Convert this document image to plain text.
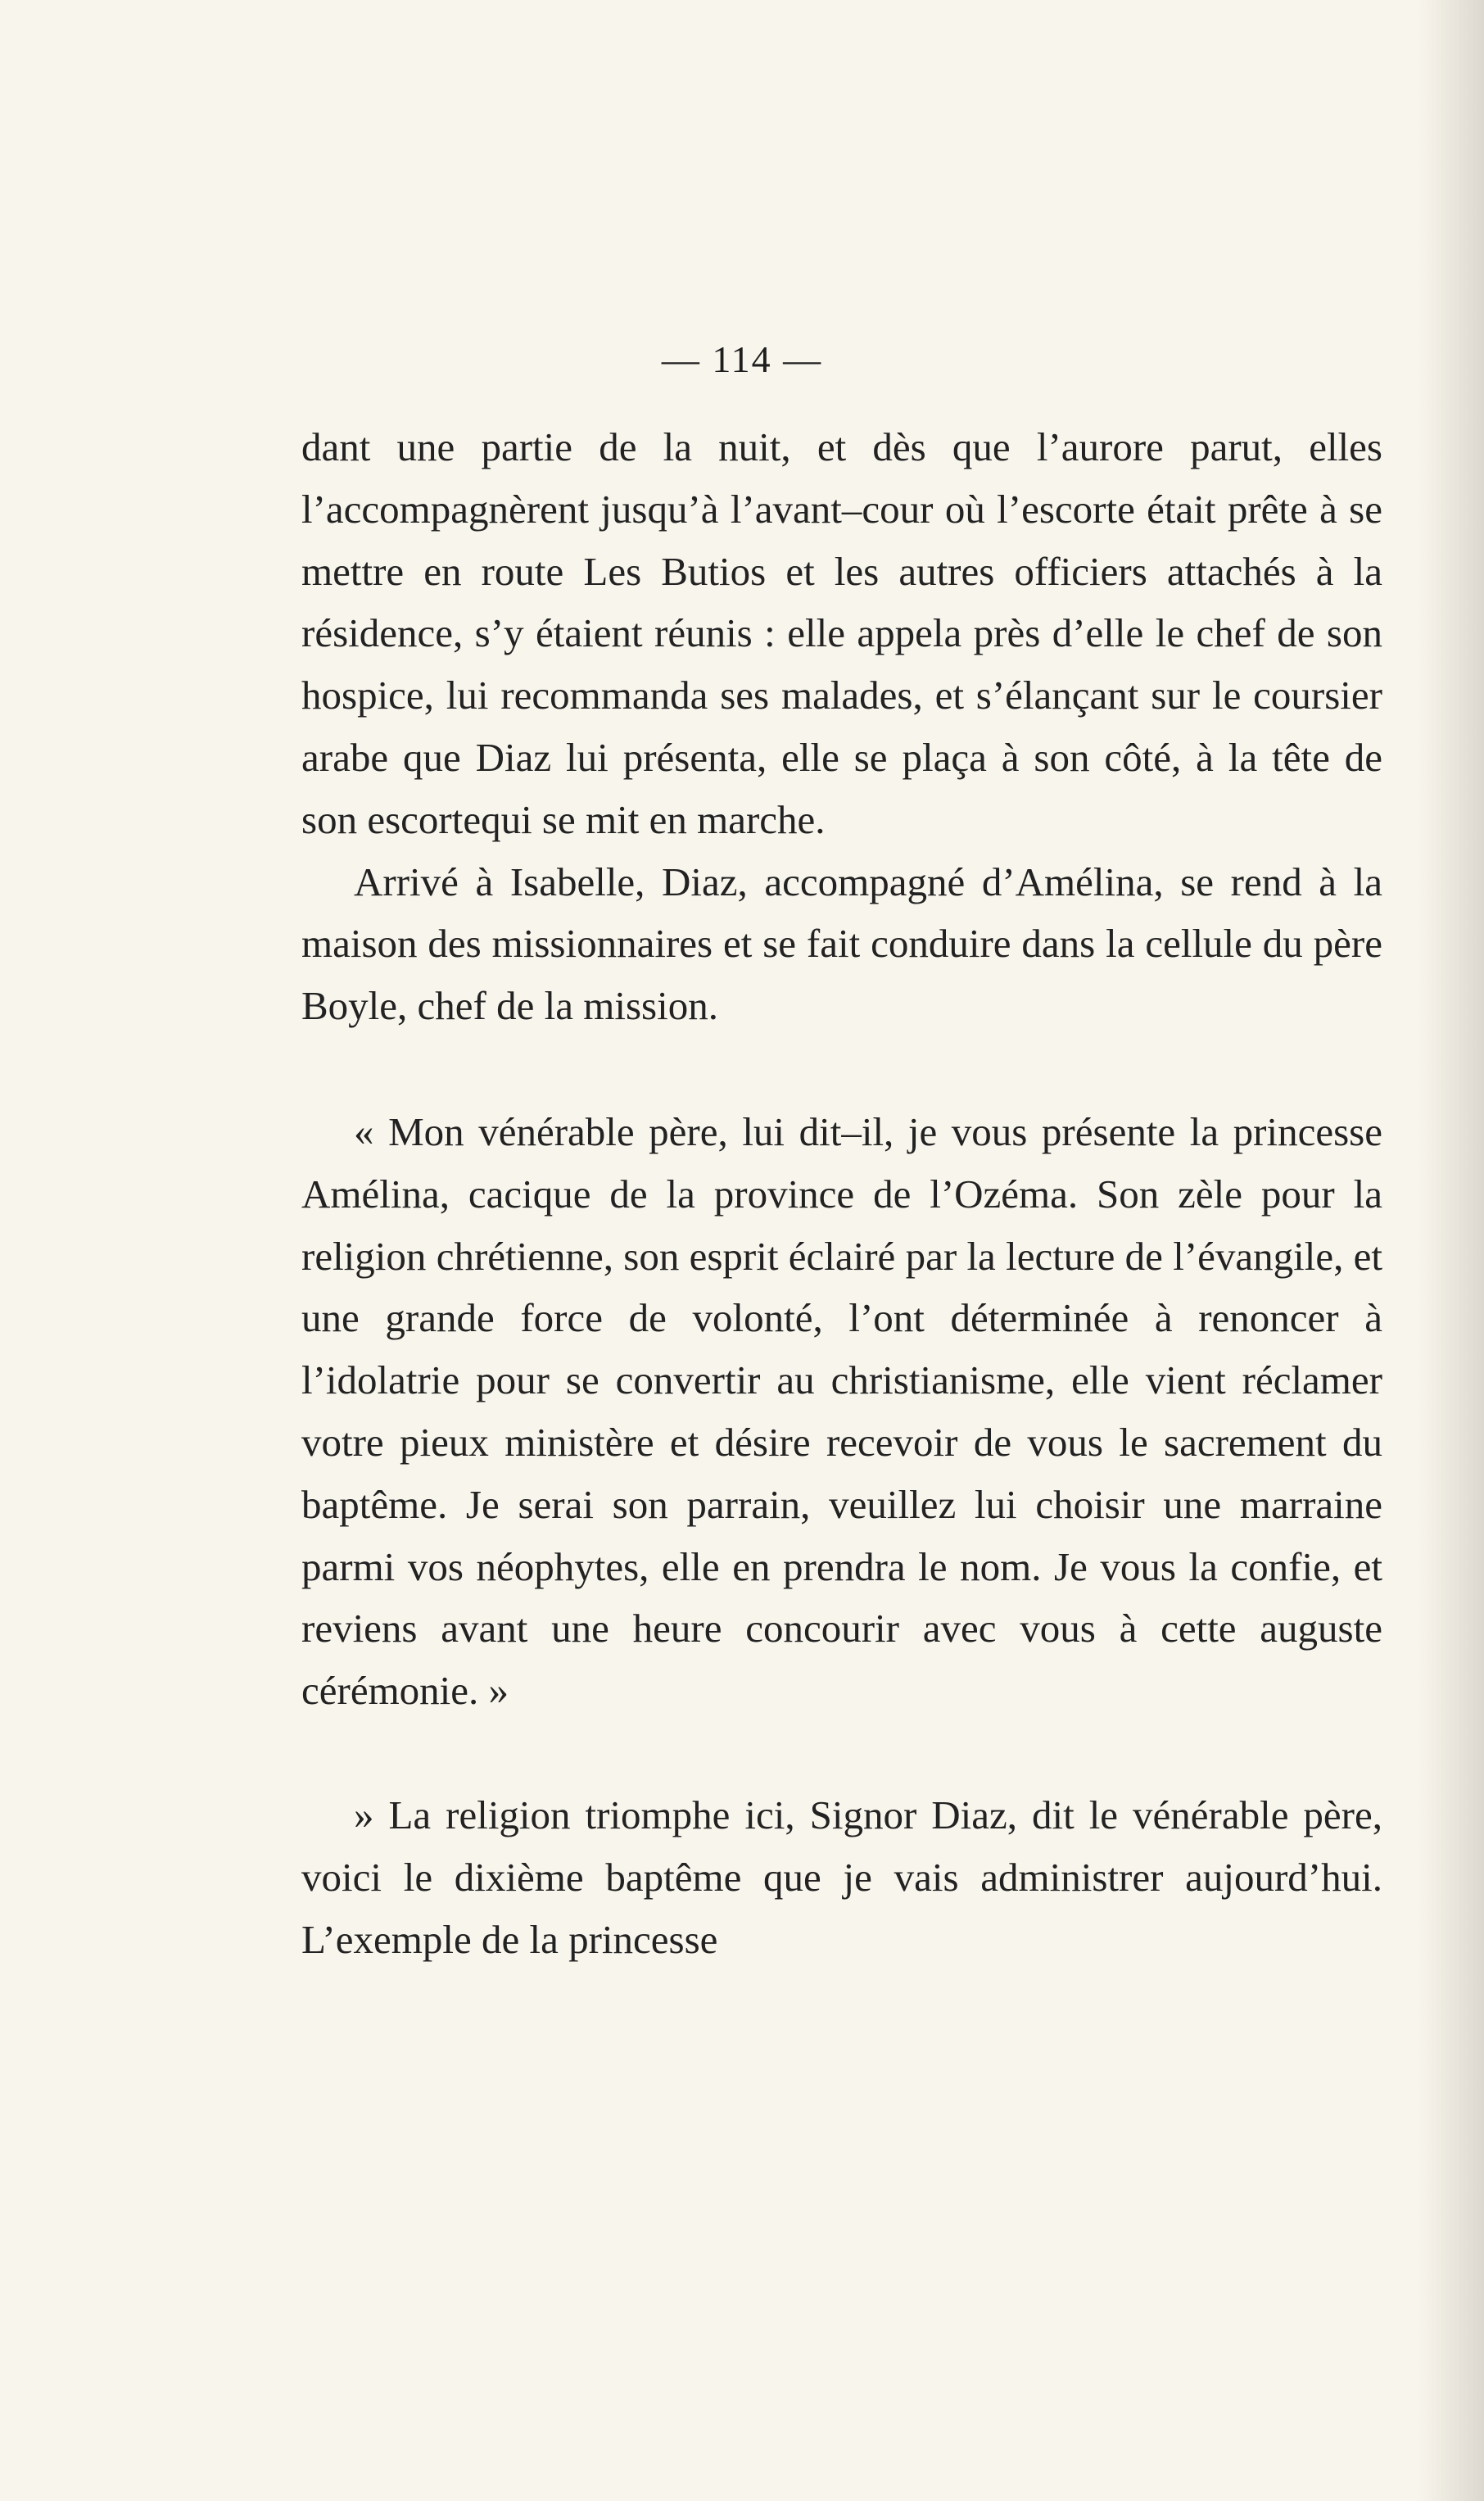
— 114 —

dant une partie de la nuit, et dès que l’aurore parut, elles l’accompagnèrent jusqu’à l’avant–cour où l’escorte était prête à se mettre en route Les Butios et les autres officiers attachés à la résidence, s’y étaient réunis : elle appela près d’elle le chef de son hospice, lui recommanda ses malades, et s’élançant sur le coursier arabe que Diaz lui présenta, elle se plaça à son côté, à la tête de son escortequi se mit en marche.

Arrivé à Isabelle, Diaz, accompagné d’Amélina, se rend à la maison des missionnaires et se fait conduire dans la cellule du père Boyle, chef de la mission.

« Mon vénérable père, lui dit–il, je vous présente la princesse Amélina, cacique de la province de l’Ozéma. Son zèle pour la religion chrétienne, son esprit éclairé par la lecture de l’évangile, et une grande force de volonté, l’ont déterminée à renoncer à l’idolatrie pour se convertir au christianisme, elle vient réclamer votre pieux ministère et désire recevoir de vous le sacrement du baptême. Je serai son parrain, veuillez lui choisir une marraine parmi vos néophytes, elle en prendra le nom. Je vous la confie, et reviens avant une heure concourir avec vous à cette auguste cérémonie. »

» La religion triomphe ici, Signor Diaz, dit le vénérable père, voici le dixième baptême que je vais administrer aujourd’hui. L’exemple de la princesse
